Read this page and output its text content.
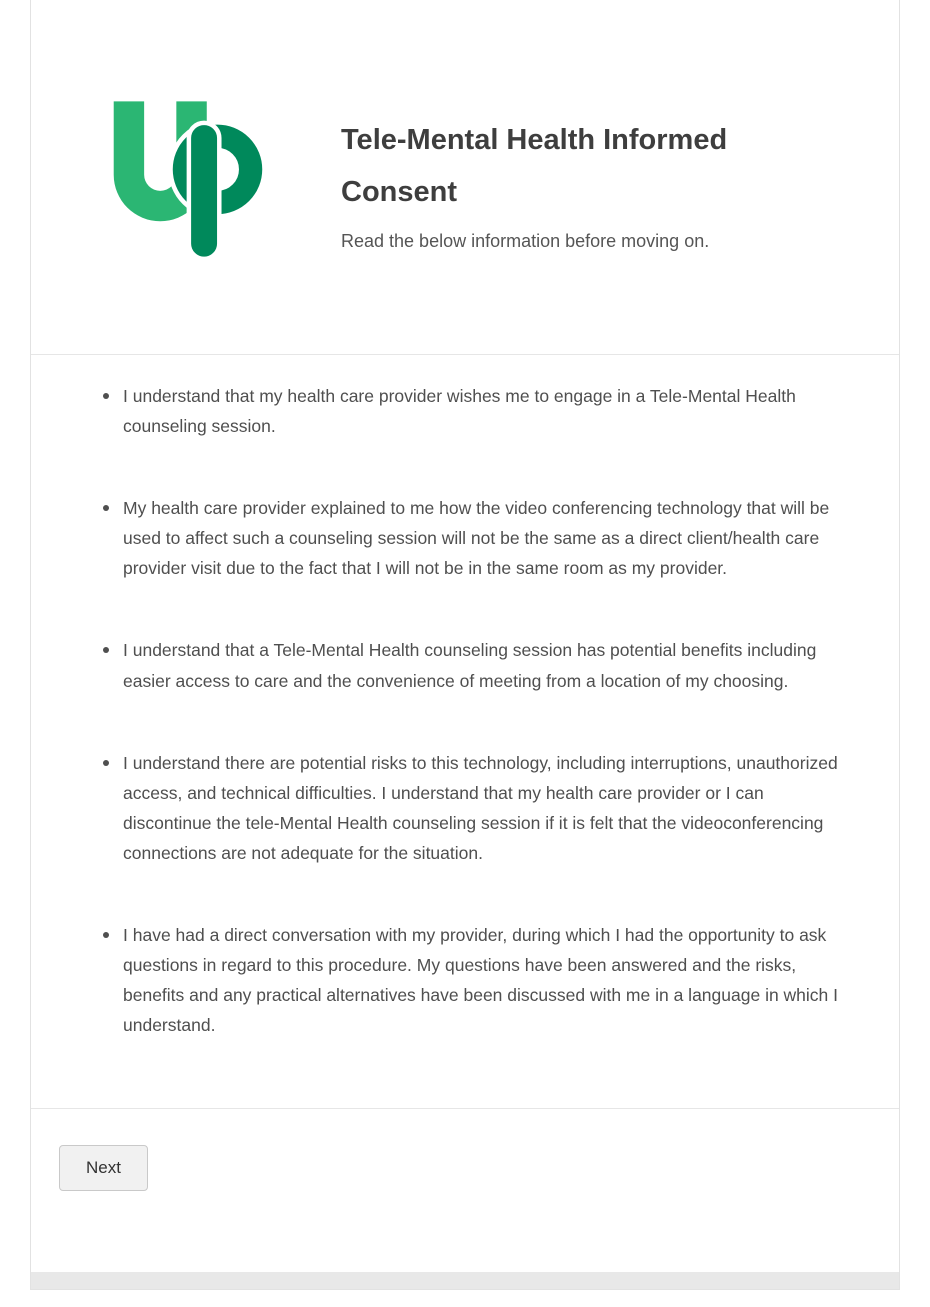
Tele-Mental Health Informed Consent
Read the below information before moving on.
I understand that my health care provider wishes me to engage in a Tele-Mental Health counseling session.
My health care provider explained to me how the video conferencing technology that will be used to affect such a counseling session will not be the same as a direct client/health care provider visit due to the fact that I will not be in the same room as my provider.
I understand that a Tele-Mental Health counseling session has potential benefits including easier access to care and the convenience of meeting from a location of my choosing.
I understand there are potential risks to this technology, including interruptions, unauthorized access, and technical difficulties. I understand that my health care provider or I can discontinue the tele-Mental Health counseling session if it is felt that the videoconferencing connections are not adequate for the situation.
I have had a direct conversation with my provider, during which I had the opportunity to ask questions in regard to this procedure. My questions have been answered and the risks, benefits and any practical alternatives have been discussed with me in a language in which I understand.
Next
